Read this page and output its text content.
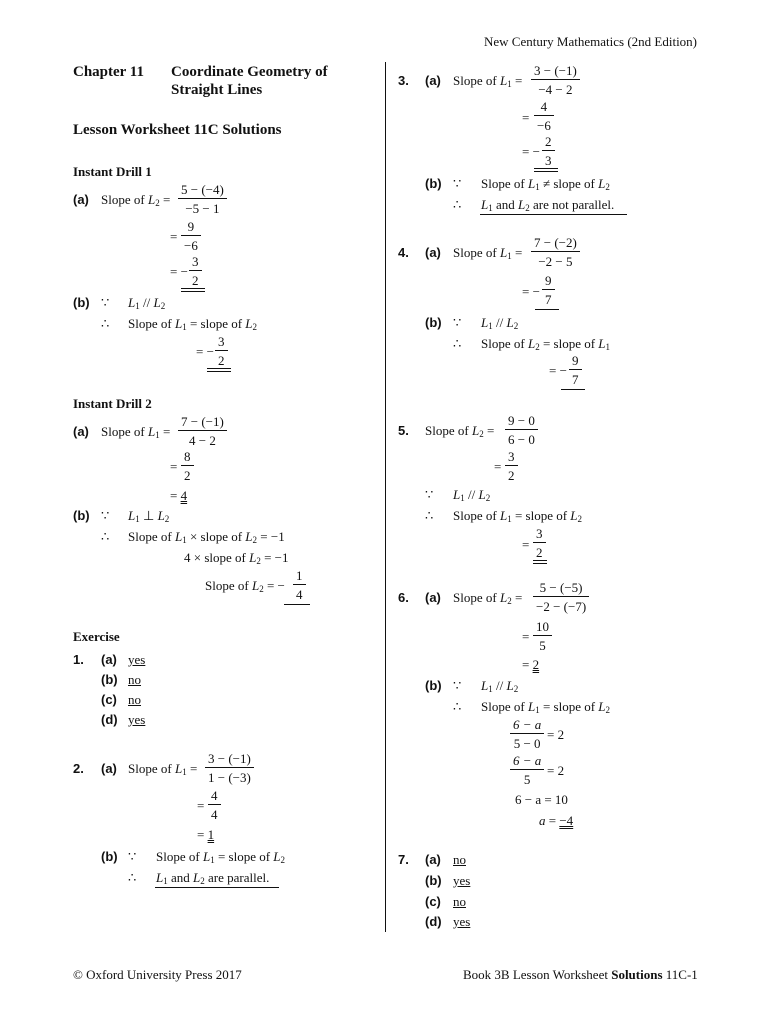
New Century Mathematics (2nd Edition)
Chapter 11 Coordinate Geometry of
Straight Lines
Lesson Worksheet 11C Solutions
Instant Drill 1
(a) Slope of $L_2$ =
5 − (−4)
−5 − 1
=
9
−6
= −
3
2
(b) ∵ $L_1 // L_2$
∴ Slope of $L_1$ = slope of $L_2$
= −
3
2
Instant Drill 2
(a) Slope of $L_1$ =
7 − (−1)
4 − 2
=
8
2
= 4
(b) ∵ $L_1$ ⊥ $L_2$
∴ Slope of $L_1$ × slope of $L_2 = -1$
4 × slope of $L_2 = -1$
Slope of $L_2$ = −
1
4
Exercise
1. (a) yes
(b) no
(c) no
(d) yes
2. (a) Slope of $L_1$ =
3 − (−1)
1 − (−3)
=
4
4
= 1
(b) ∵ Slope of $L_1$ = slope of $L_2$
∴ $L_1$ and $L_2$ are parallel.
3. (a) Slope of $L_1$ =
3 − (−1)
−4 − 2
=
4
−6
= −
2
3
(b) ∵ Slope of $L_1$ ≠ slope of $L_2$
∴ $L_1$ and $L_2$ are not parallel.
4. (a) Slope of $L_1$ =
7 − (−2)
−2 − 5
= −
9
7
(b) ∵ $L_1 // L_2$
∴ Slope of $L_2$ = slope of $L_1$
= −
9
7
5. Slope of $L_2$ =
9 − 0
6 − 0
=
3
2
∵ $L_1 // L_2$
∴ Slope of $L_1$ = slope of $L_2$
=
3
2
6. (a) Slope of $L_2$ =
5 − (−5)
−2 − (−7)
=
10
5
= 2
(b) ∵ $L_1 // L_2$
∴ Slope of $L_1$ = slope of $L_2$
6 − a
5 − 0
= 2
6 − a
5
= 2
6 − a = 10
a = −4
7. (a) no
(b) yes
(c) no
(d) yes
© Oxford University Press 2017	Book 3B Lesson Worksheet Solutions 11C-1
